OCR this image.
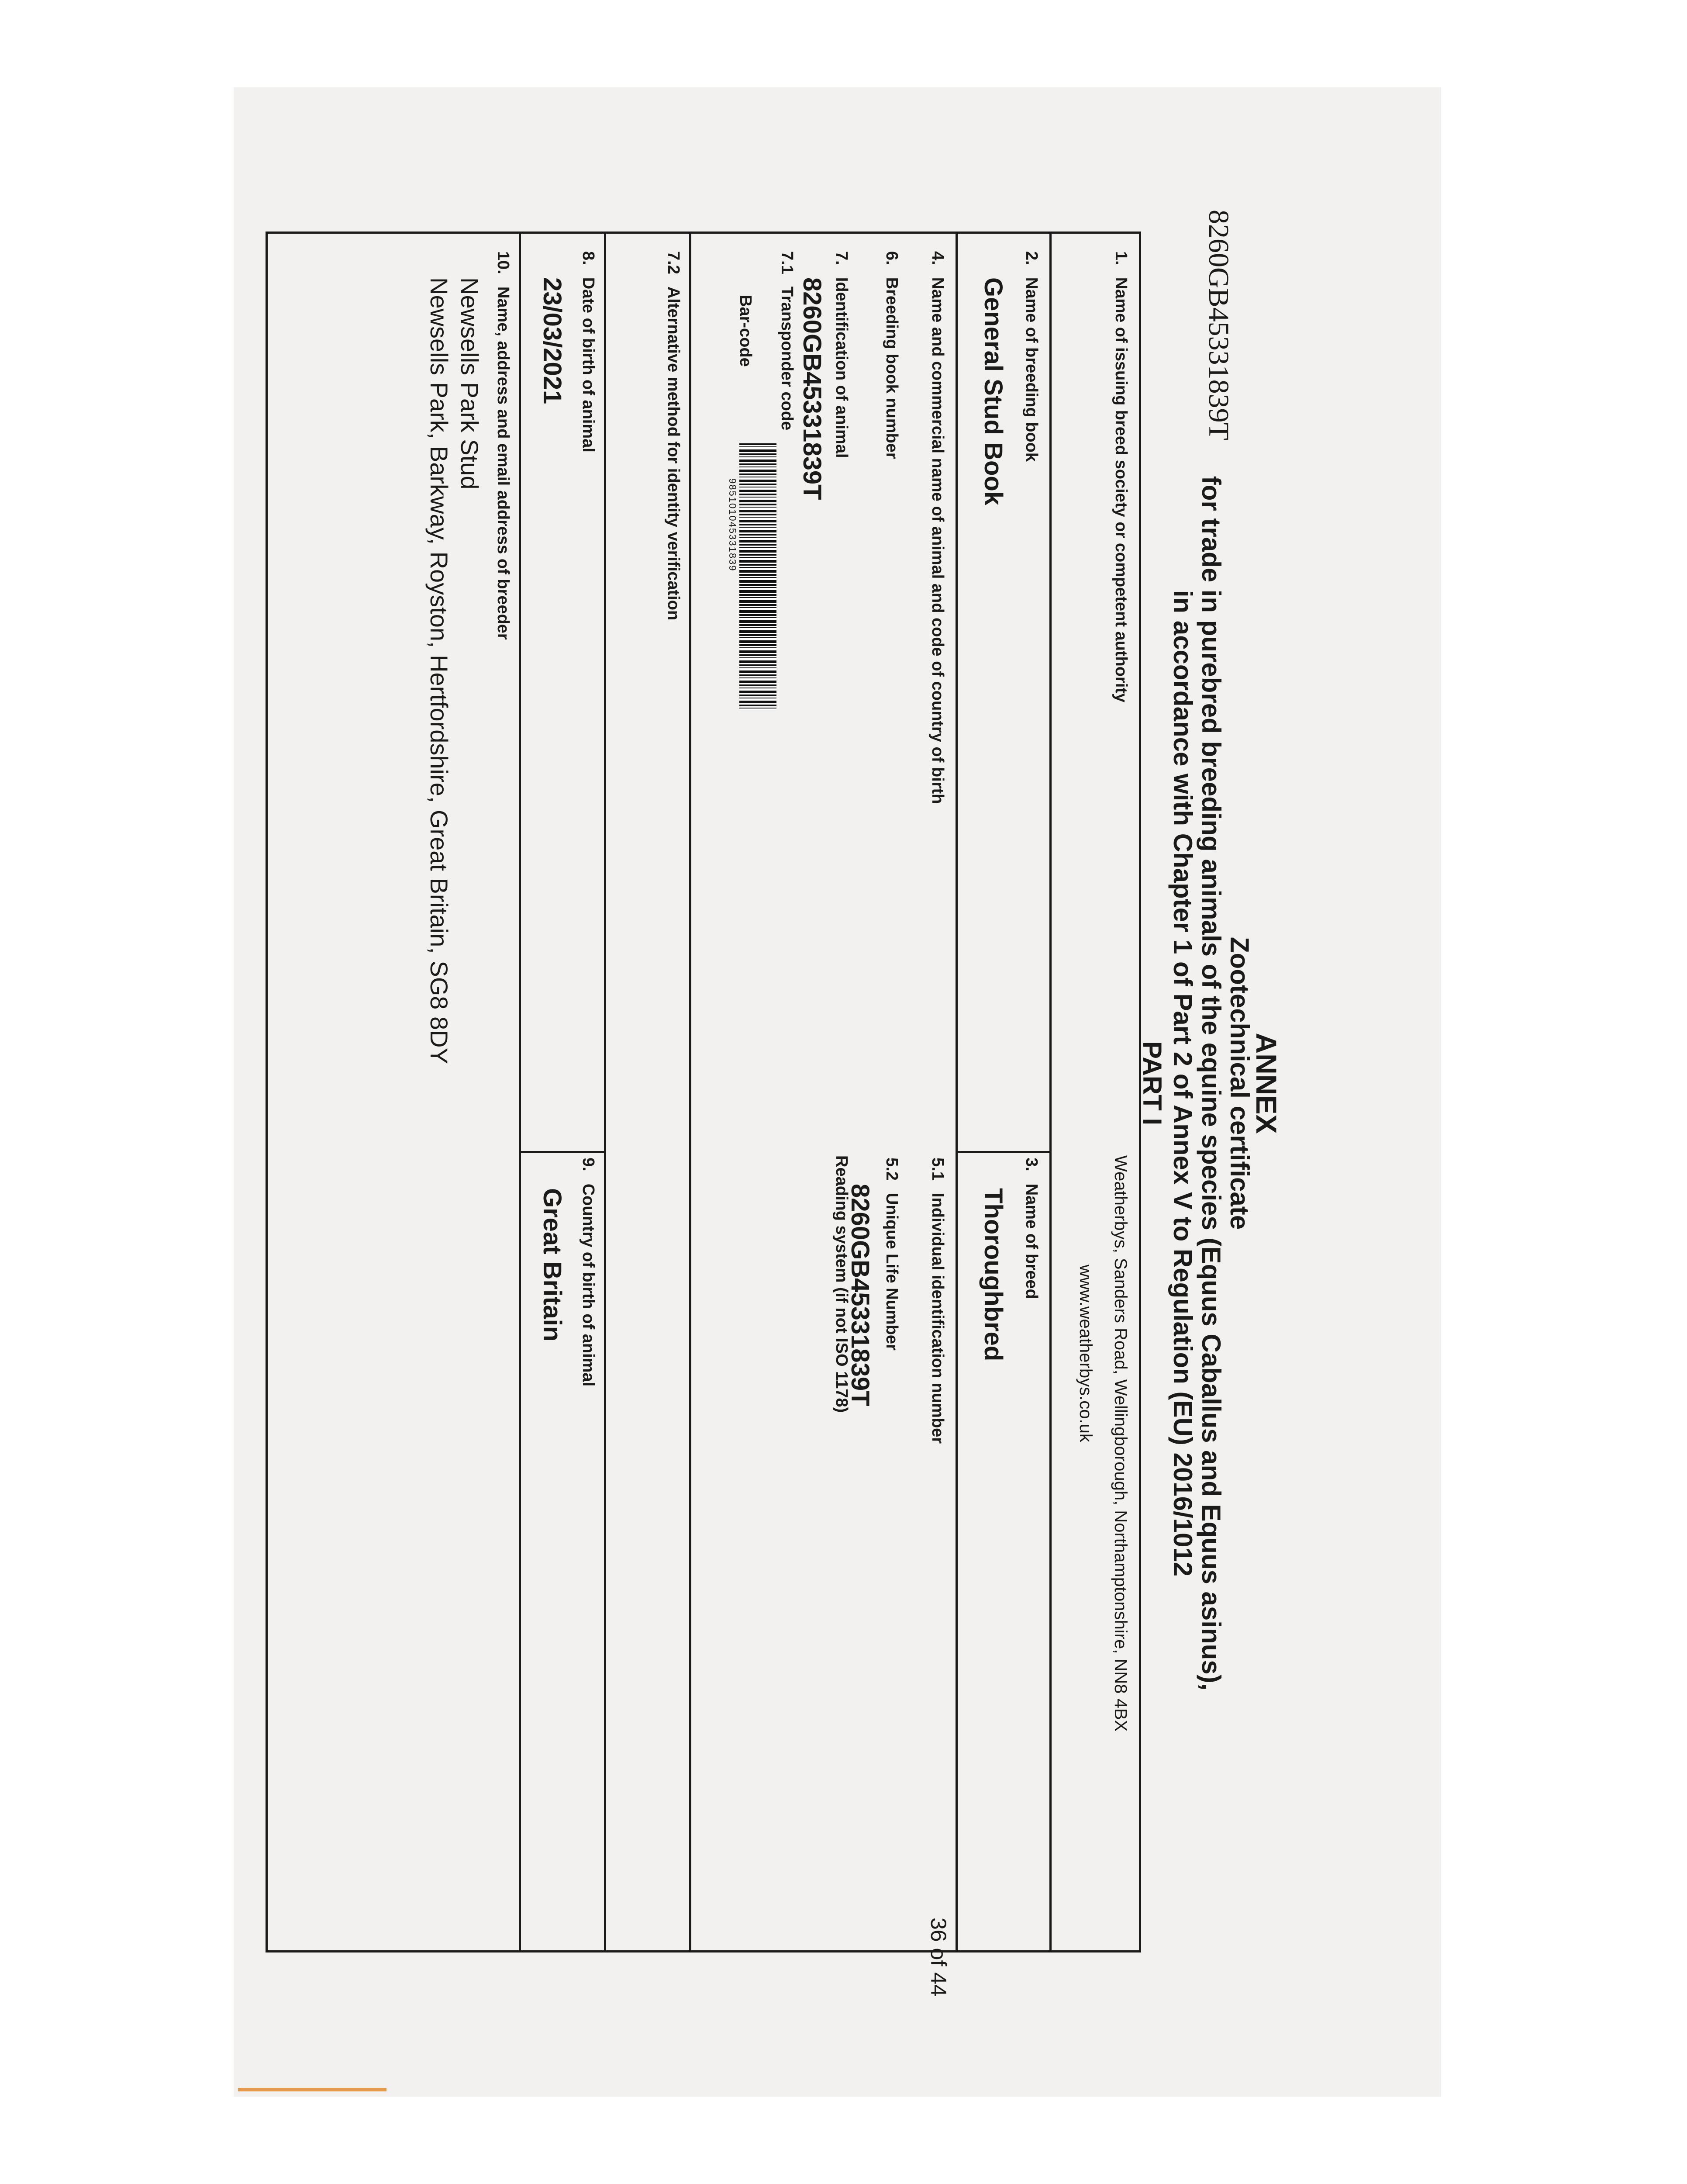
8260GB45331839T
ANNEX
Zootechnical certificate
for trade in purebred breeding animals of the equine species (Equus Caballus and Equus asinus),
in accordance with Chapter 1 of Part 2 of Annex V to Regulation (EU) 2016/1012
PART I
1.Name of issuing breed society or competent authority
Weatherbys, Sanders Road, Wellingborough, Northamptonshire, NN8 4BX
www.weatherbys.co.uk
2.Name of breeding book
General Stud Book
3.Name of breed
Thoroughbred
4.Name and commercial name of animal and code of country of birth
5.1Individual identification number
5.2Unique Life Number
8260GB45331839T
6.Breeding book number
7.Identification of animal
8260GB45331839T
7.1Transponder code
Bar-code
985101045331839
Reading system (if not ISO 1178)
7.2Alternative method for identity verification
8.Date of birth of animal
23/03/2021
9.Country of birth of animal
Great Britain
10.Name, address and email address of breeder
Newsells Park Stud
Newsells Park, Barkway, Royston, Hertfordshire, Great Britain, SG8 8DY
36 of 44
